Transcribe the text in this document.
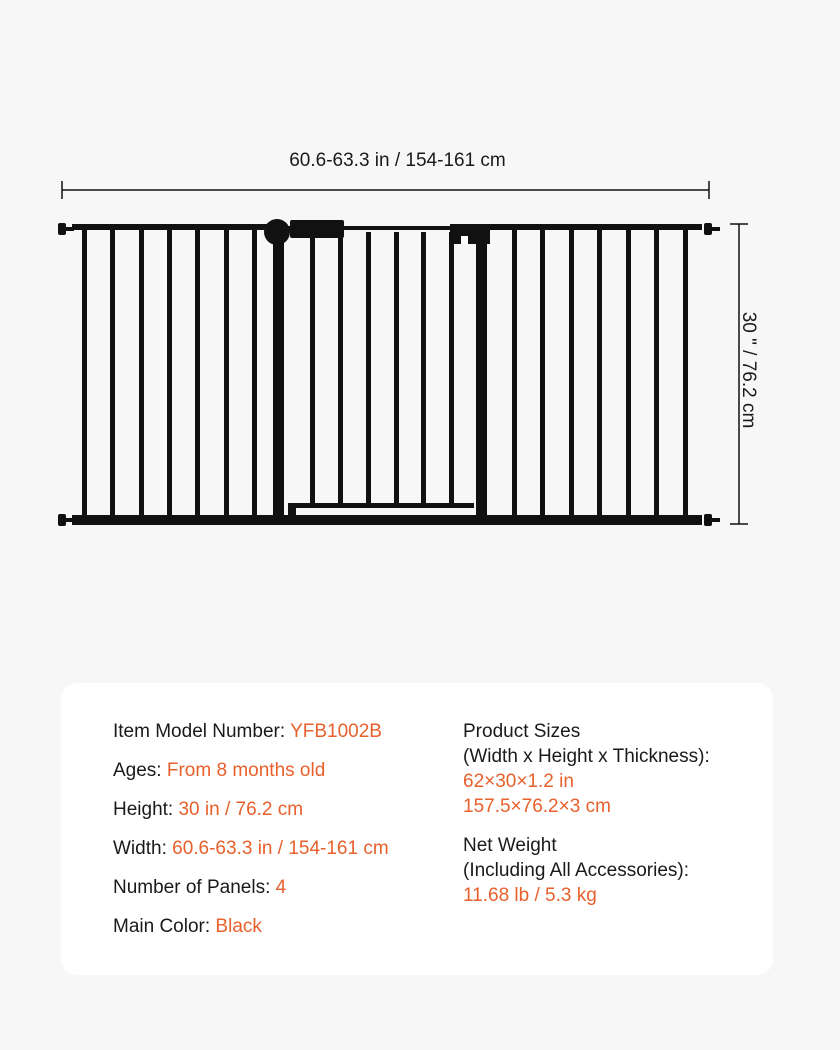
60.6-63.3 in / 154-161 cm
30 " / 76.2 cm
Item Model Number: YFB1002B
Ages: From 8 months old
Height: 30 in / 76.2 cm
Width: 60.6-63.3 in / 154-161 cm
Number of Panels: 4
Main Color: Black
Product Sizes
(Width x Height x Thickness):
62×30×1.2 in
157.5×76.2×3 cm
Net Weight
(Including All Accessories):
11.68 lb / 5.3 kg
